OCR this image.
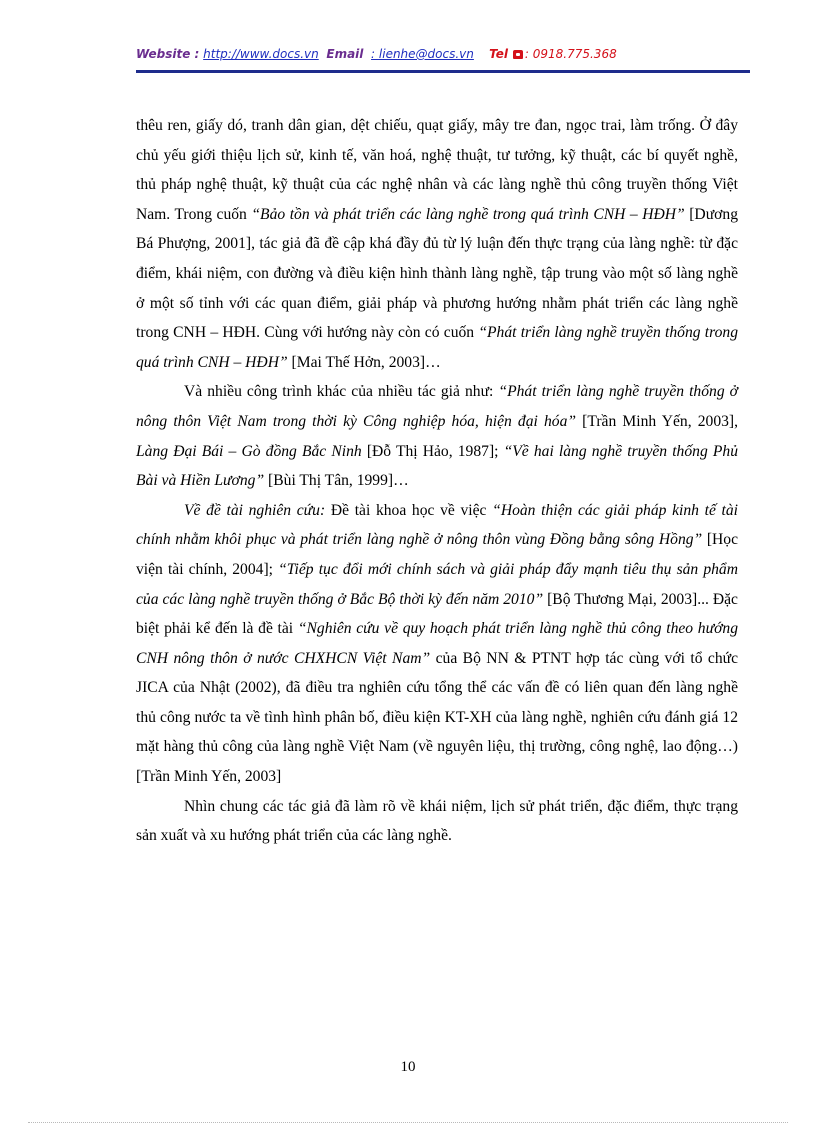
Website : http://www.docs.vn Email : lienhe@docs.vn Tel : 0918.775.368

thêu ren, giấy dó, tranh dân gian, dệt chiếu, quạt giấy, mây tre đan, ngọc trai, làm trống. Ở đây chủ yếu giới thiệu lịch sử, kinh tế, văn hoá, nghệ thuật, tư tưởng, kỹ thuật, các bí quyết nghề, thủ pháp nghệ thuật, kỹ thuật của các nghệ nhân và các làng nghề thủ công truyền thống Việt Nam. Trong cuốn “Bảo tồn và phát triển các làng nghề trong quá trình CNH – HĐH” [Dương Bá Phượng, 2001], tác giả đã đề cập khá đầy đủ từ lý luận đến thực trạng của làng nghề: từ đặc điểm, khái niệm, con đường và điều kiện hình thành làng nghề, tập trung vào một số làng nghề ở một số tỉnh với các quan điểm, giải pháp và phương hướng nhằm phát triển các làng nghề trong CNH – HĐH. Cùng với hướng này còn có cuốn “Phát triển làng nghề truyền thống trong quá trình CNH – HĐH” [Mai Thế Hởn, 2003]…

Và nhiều công trình khác của nhiều tác giả như: “Phát triển làng nghề truyền thống ở nông thôn Việt Nam trong thời kỳ Công nghiệp hóa, hiện đại hóa” [Trần Minh Yến, 2003], Làng Đại Bái – Gò đồng Bắc Ninh [Đỗ Thị Hảo, 1987]; “Về hai làng nghề truyền thống Phủ Bài và Hiền Lương” [Bùi Thị Tân, 1999]…

Về đề tài nghiên cứu: Đề tài khoa học về việc “Hoàn thiện các giải pháp kinh tế tài chính nhằm khôi phục và phát triển làng nghề ở nông thôn vùng Đồng bằng sông Hồng” [Học viện tài chính, 2004]; “Tiếp tục đổi mới chính sách và giải pháp đẩy mạnh tiêu thụ sản phẩm của các làng nghề truyền thống ở Bắc Bộ thời kỳ đến năm 2010” [Bộ Thương Mại, 2003]... Đặc biệt phải kể đến là đề tài “Nghiên cứu về quy hoạch phát triển làng nghề thủ công theo hướng CNH nông thôn ở nước CHXHCN Việt Nam” của Bộ NN & PTNT hợp tác cùng với tổ chức JICA của Nhật (2002), đã điều tra nghiên cứu tổng thể các vấn đề có liên quan đến làng nghề thủ công nước ta về tình hình phân bố, điều kiện KT-XH của làng nghề, nghiên cứu đánh giá 12 mặt hàng thủ công của làng nghề Việt Nam (về nguyên liệu, thị trường, công nghệ, lao động…) [Trần Minh Yến, 2003]

Nhìn chung các tác giả đã làm rõ về khái niệm, lịch sử phát triển, đặc điểm, thực trạng sản xuất và xu hướng phát triển của các làng nghề.

10
